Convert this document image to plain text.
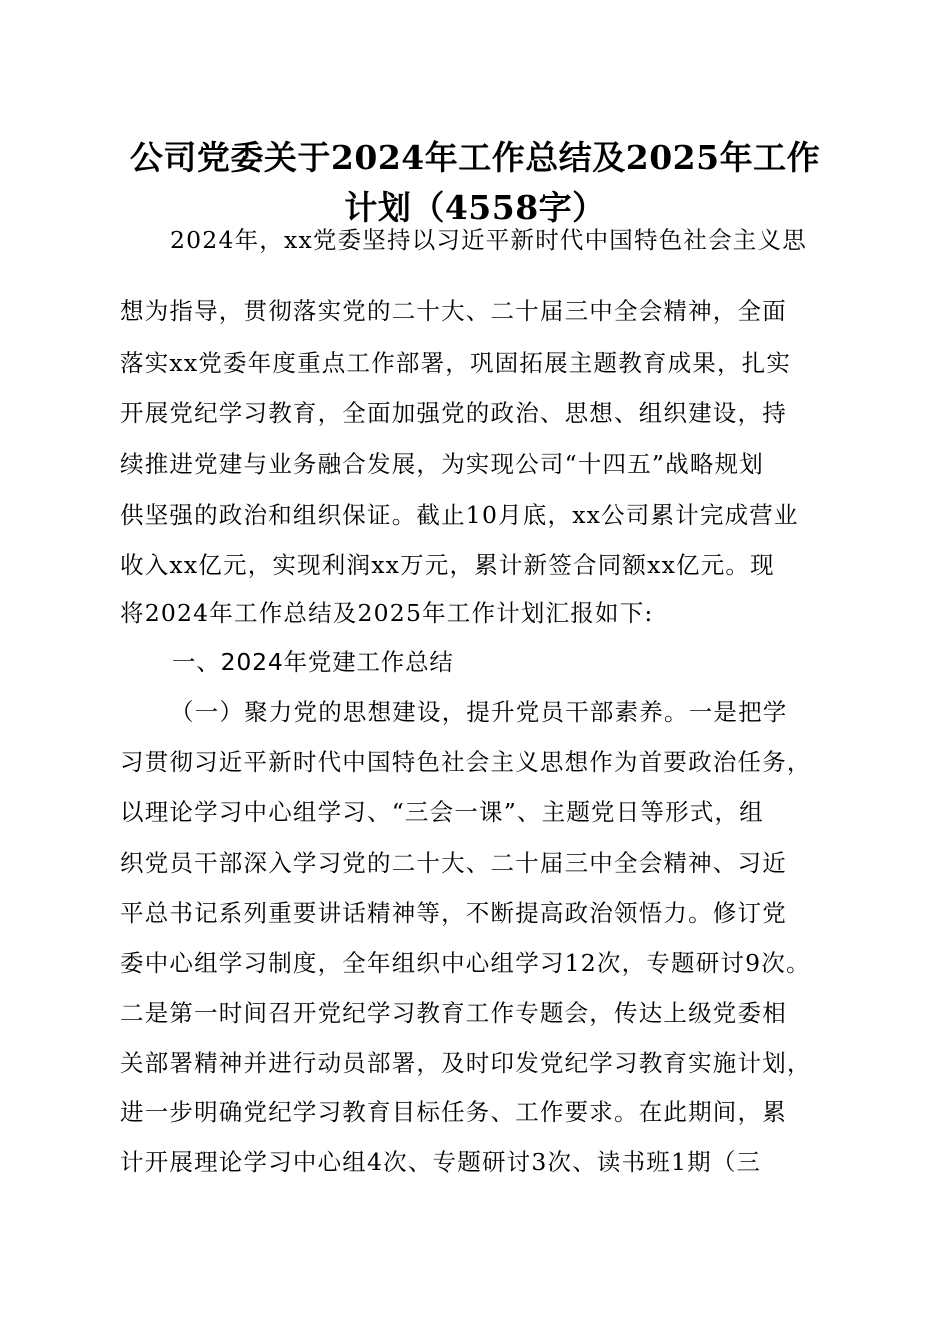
公司党委关于2024年工作总结及2025年工作
计划（4558字）
2024年，xx党委坚持以习近平新时代中国特色社会主义思
想为指导，贯彻落实党的二十大、二十届三中全会精神，全面
落实xx党委年度重点工作部署，巩固拓展主题教育成果，扎实
开展党纪学习教育，全面加强党的政治、思想、组织建设，持
续推进党建与业务融合发展，为实现公司“十四五”战略规划
供坚强的政治和组织保证。截止10月底，xx公司累计完成营业
收入xx亿元，实现利润xx万元，累计新签合同额xx亿元。现
将2024年工作总结及2025年工作计划汇报如下:
一、2024年党建工作总结
（一）聚力党的思想建设，提升党员干部素养。一是把学
习贯彻习近平新时代中国特色社会主义思想作为首要政治任务，
以理论学习中心组学习、“三会一课”、主题党日等形式，组
织党员干部深入学习党的二十大、二十届三中全会精神、习近
平总书记系列重要讲话精神等，不断提高政治领悟力。修订党
委中心组学习制度，全年组织中心组学习12次，专题研讨9次。
二是第一时间召开党纪学习教育工作专题会，传达上级党委相
关部署精神并进行动员部署，及时印发党纪学习教育实施计划，
进一步明确党纪学习教育目标任务、工作要求。在此期间，累
计开展理论学习中心组4次、专题研讨3次、读书班1期（三
